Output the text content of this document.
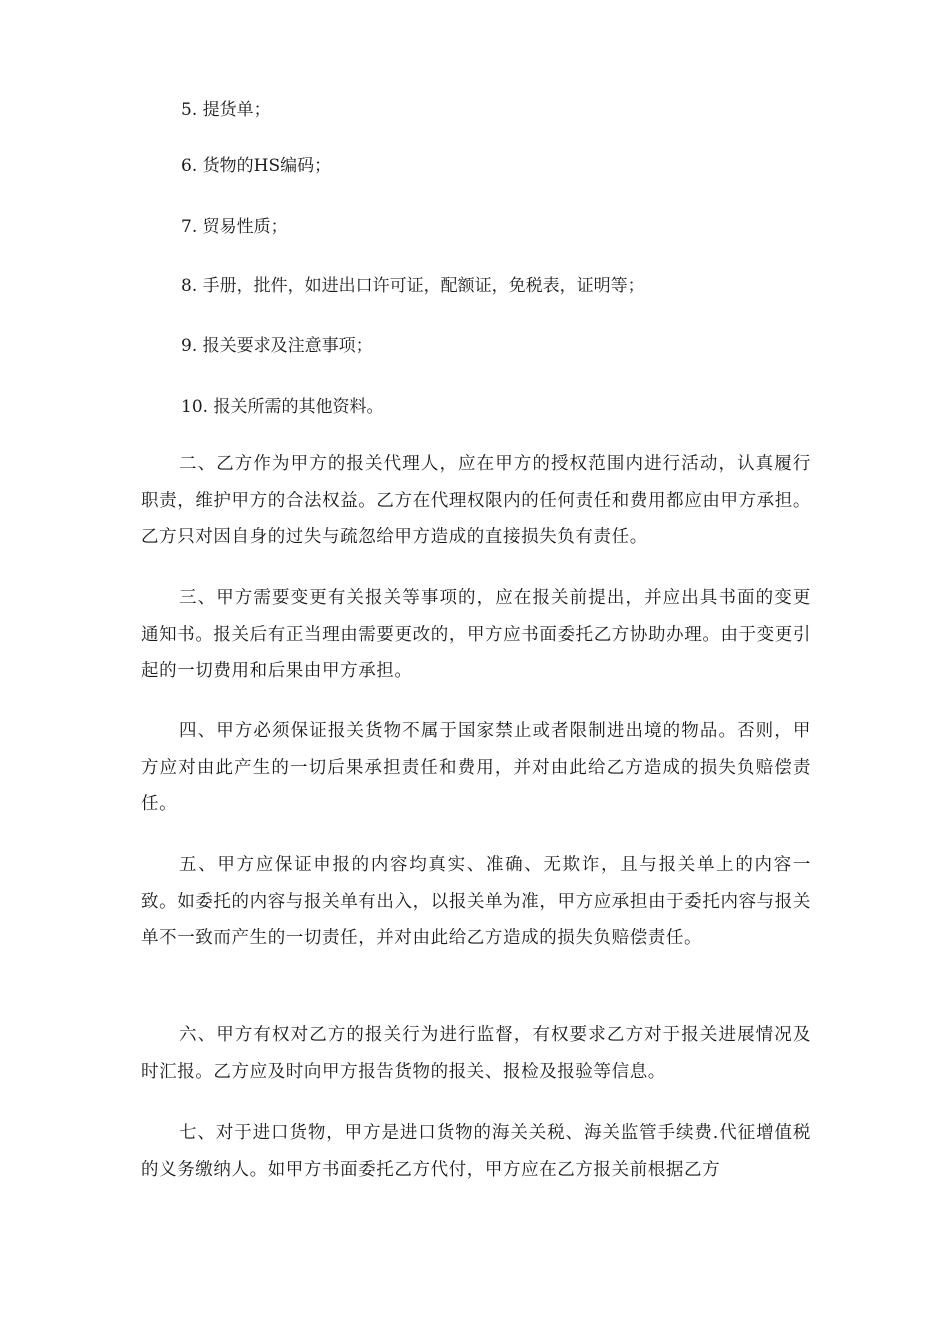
5. 提货单；
6. 货物的HS编码；
7. 贸易性质；
8. 手册，批件，如进出口许可证，配额证，免税表，证明等；
9. 报关要求及注意事项；
10. 报关所需的其他资料。

二、乙方作为甲方的报关代理人，应在甲方的授权范围内进行活动，认真履行职责，维护甲方的合法权益。乙方在代理权限内的任何责任和费用都应由甲方承担。乙方只对因自身的过失与疏忽给甲方造成的直接损失负有责任。

三、甲方需要变更有关报关等事项的，应在报关前提出，并应出具书面的变更通知书。报关后有正当理由需要更改的，甲方应书面委托乙方协助办理。由于变更引起的一切费用和后果由甲方承担。

四、甲方必须保证报关货物不属于国家禁止或者限制进出境的物品。否则，甲方应对由此产生的一切后果承担责任和费用，并对由此给乙方造成的损失负赔偿责任。

五、甲方应保证申报的内容均真实、准确、无欺诈，且与报关单上的内容一致。如委托的内容与报关单有出入，以报关单为准，甲方应承担由于委托内容与报关单不一致而产生的一切责任，并对由此给乙方造成的损失负赔偿责任。

六、甲方有权对乙方的报关行为进行监督，有权要求乙方对于报关进展情况及时汇报。乙方应及时向甲方报告货物的报关、报检及报验等信息。

七、对于进口货物，甲方是进口货物的海关关税、海关监管手续费.代征增值税的义务缴纳人。如甲方书面委托乙方代付，甲方应在乙方报关前根据乙方
